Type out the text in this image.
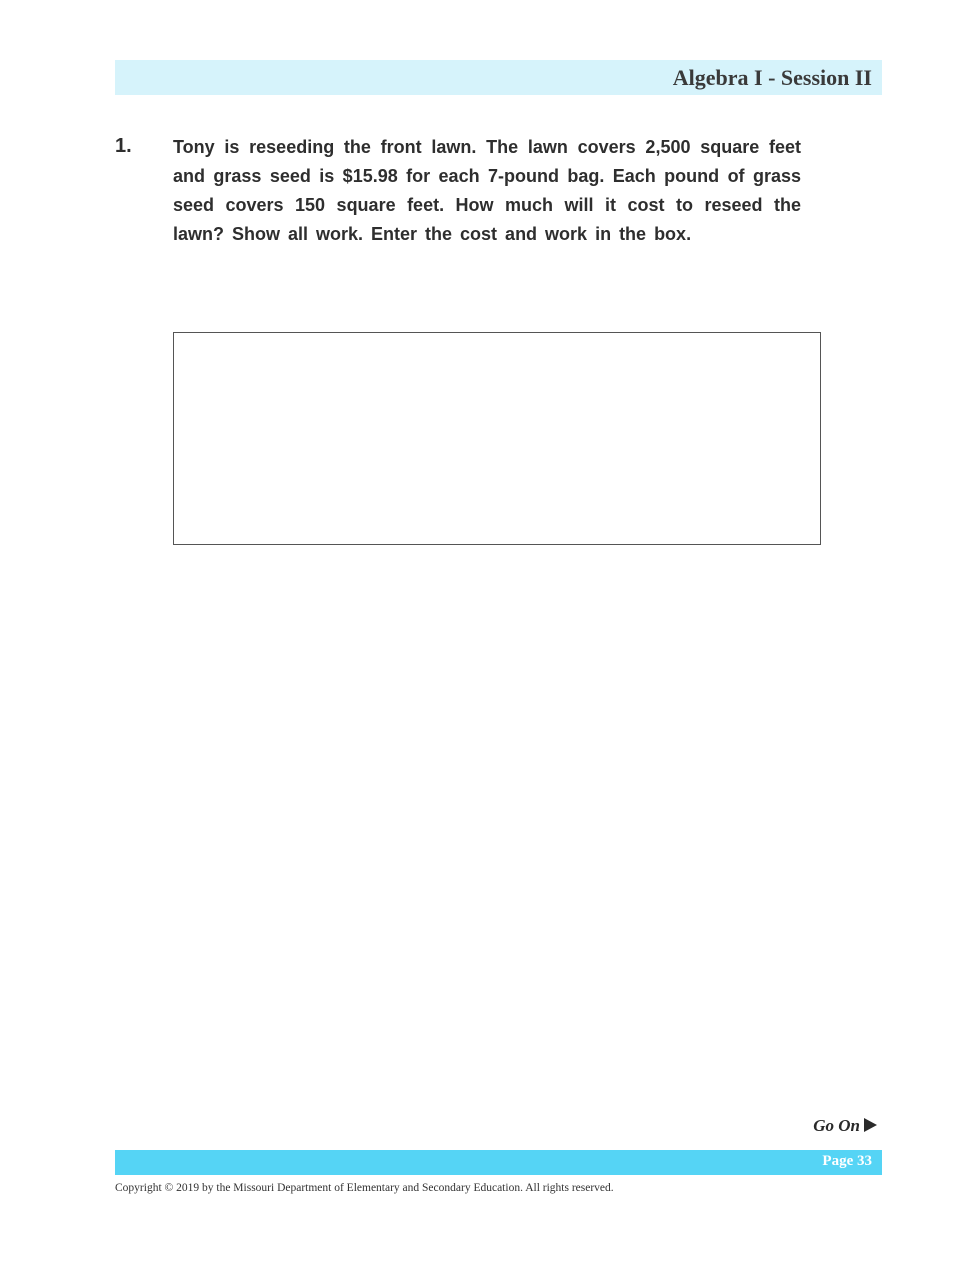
Algebra I - Session II
1. Tony is reseeding the front lawn. The lawn covers 2,500 square feet and grass seed is $15.98 for each 7-pound bag. Each pound of grass seed covers 150 square feet. How much will it cost to reseed the lawn? Show all work. Enter the cost and work in the box.

Go On
Page 33
Copyright © 2019 by the Missouri Department of Elementary and Secondary Education. All rights reserved.
